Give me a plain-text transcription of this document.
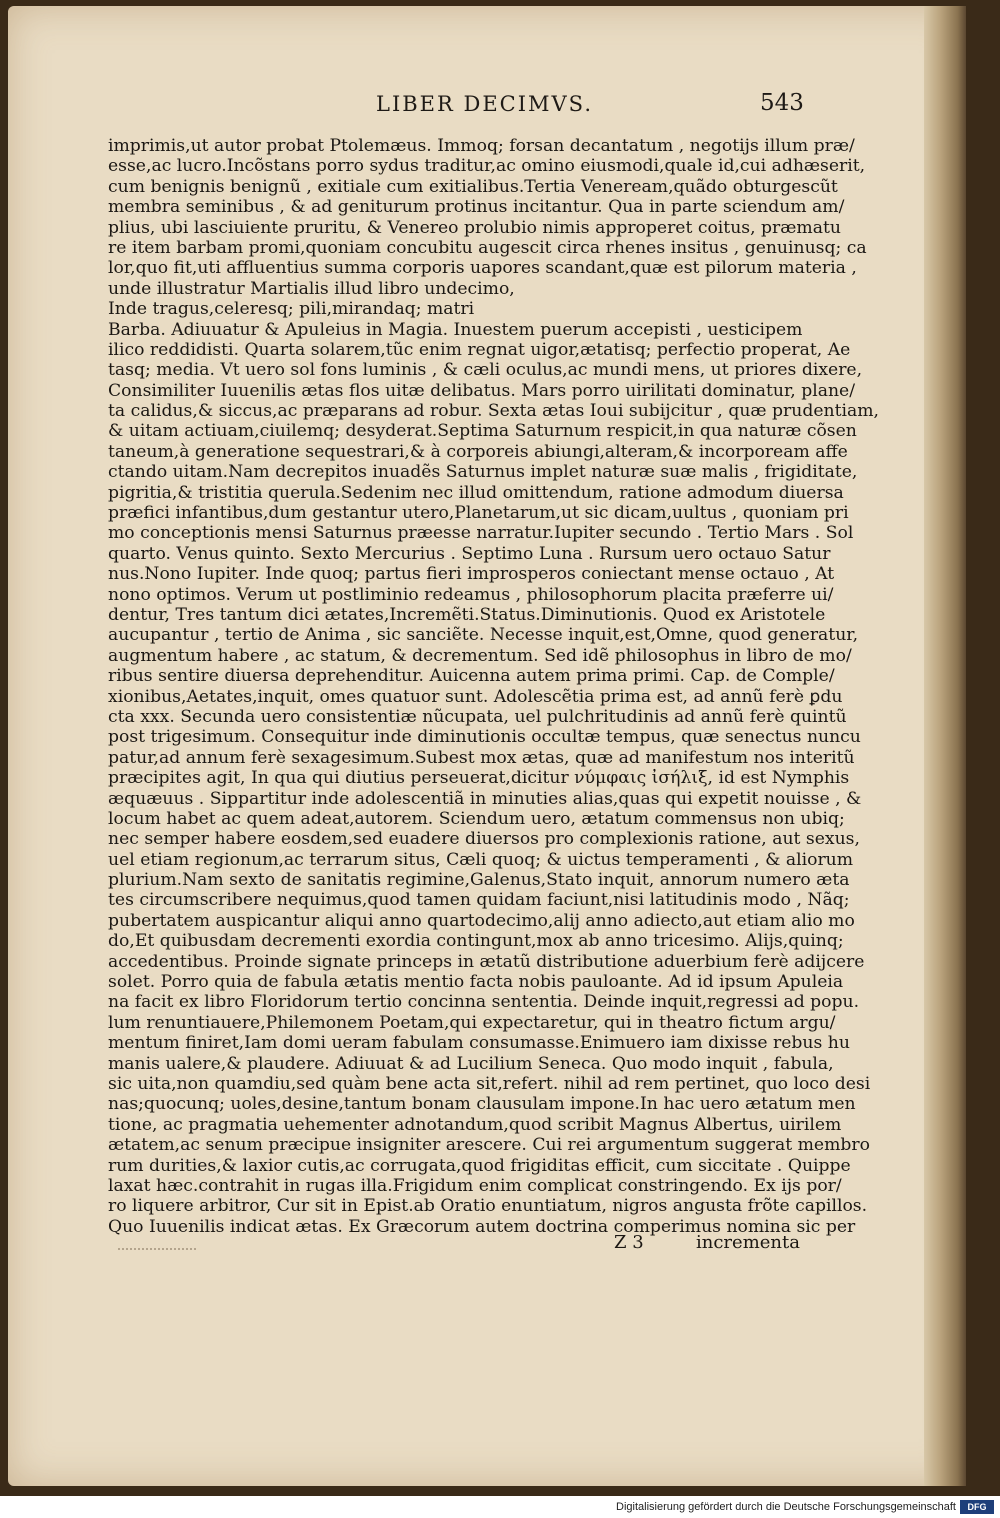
LIBER DECIMVS.	543
imprimis,ut autor probat Ptolemæus. Immoq; forsan decantatum , negotijs illum præ/
esse,ac lucro.Incõstans porro sydus traditur,ac omino eiusmodi,quale id,cui adhæserit,
cum benignis benignũ , exitiale cum exitialibus.Tertia Veneream,quãdo obturgescũt
membra seminibus , & ad geniturum protinus incitantur. Qua in parte sciendum am/
plius, ubi lasciuiente pruritu, & Venereo prolubio nimis approperet coitus, præmatu
re item barbam promi,quoniam concubitu augescit circa rhenes insitus , genuinusq; ca
lor,quo fit,uti affluentius summa corporis uapores scandant,quæ est pilorum materia ,
unde illustratur Martialis illud libro undecimo,
Inde tragus,celeresq; pili,mirandaq; matri
Barba. Adiuuatur & Apuleius in Magia. Inuestem puerum accepisti , uesticipem
ilico reddidisti. Quarta solarem,tũc enim regnat uigor,ætatisq; perfectio properat, Ae
tasq; media. Vt uero sol fons luminis , & cæli oculus,ac mundi mens, ut priores dixere,
Consimiliter Iuuenilis ætas flos uitæ delibatus. Mars porro uirilitati dominatur, plane/
ta calidus,& siccus,ac præparans ad robur. Sexta ætas Ioui subijcitur , quæ prudentiam,
& uitam actiuam,ciuilemq; desyderat.Septima Saturnum respicit,in qua naturæ cõsen
taneum,à generatione sequestrari,& à corporeis abiungi,alteram,& incorpoream affe
ctando uitam.Nam decrepitos inuadẽs Saturnus implet naturæ suæ malis , frigiditate,
pigritia,& tristitia querula.Sedenim nec illud omittendum, ratione admodum diuersa
præfici infantibus,dum gestantur utero,Planetarum,ut sic dicam,uultus , quoniam pri
mo conceptionis mensi Saturnus præesse narratur.Iupiter secundo . Tertio Mars . Sol
quarto. Venus quinto. Sexto Mercurius . Septimo Luna . Rursum uero octauo Satur
nus.Nono Iupiter. Inde quoq; partus fieri improsperos coniectant mense octauo , At
nono optimos. Verum ut postliminio redeamus , philosophorum placita præferre ui/
dentur, Tres tantum dici ætates,Incremẽti.Status.Diminutionis. Quod ex Aristotele
aucupantur , tertio de Anima , sic sanciẽte. Necesse inquit,est,Omne, quod generatur,
augmentum habere , ac statum, & decrementum. Sed idẽ philosophus in libro de mo/
ribus sentire diuersa deprehenditur. Auicenna autem prima primi. Cap. de Comple/
xionibus,Aetates,inquit, omes quatuor sunt. Adolescẽtia prima est, ad annũ ferè ꝑdu
cta xxx. Secunda uero consistentiæ nũcupata, uel pulchritudinis ad annũ ferè quintũ
post trigesimum. Consequitur inde diminutionis occultæ tempus, quæ senectus nuncu
patur,ad annum ferè sexagesimum.Subest mox ætas, quæ ad manifestum nos interitũ
præcipites agit, In qua qui diutius perseuerat,dicitur νύμφαις ἰσήλιξ, id est Nymphis
æquæuus . Sippartitur inde adolescentiã in minuties alias,quas qui expetit nouisse , &
locum habet ac quem adeat,autorem. Sciendum uero, ætatum commensus non ubiq;
nec semper habere eosdem,sed euadere diuersos pro complexionis ratione, aut sexus,
uel etiam regionum,ac terrarum situs, Cæli quoq; & uictus temperamenti , & aliorum
plurium.Nam sexto de sanitatis regimine,Galenus,Stato inquit, annorum numero æta
tes circumscribere nequimus,quod tamen quidam faciunt,nisi latitudinis modo , Nãq;
pubertatem auspicantur aliqui anno quartodecimo,alij anno adiecto,aut etiam alio mo
do,Et quibusdam decrementi exordia contingunt,mox ab anno tricesimo. Alijs,quinq;
accedentibus. Proinde signate princeps in ætatũ distributione aduerbium ferè adijcere
solet. Porro quia de fabula ætatis mentio facta nobis pauloante. Ad id ipsum Apuleia
na facit ex libro Floridorum tertio concinna sententia. Deinde inquit,regressi ad popu.
lum renuntiauere,Philemonem Poetam,qui expectaretur, qui in theatro fictum argu/
mentum finiret,Iam domi ueram fabulam consumasse.Enimuero iam dixisse rebus hu
manis ualere,& plaudere. Adiuuat & ad Lucilium Seneca. Quo modo inquit , fabula,
sic uita,non quamdiu,sed quàm bene acta sit,refert. nihil ad rem pertinet, quo loco desi
nas;quocunq; uoles,desine,tantum bonam clausulam impone.In hac uero ætatum men
tione, ac pragmatia uehementer adnotandum,quod scribit Magnus Albertus, uirilem
ætatem,ac senum præcipue insigniter arescere. Cui rei argumentum suggerat membro
rum durities,& laxior cutis,ac corrugata,quod frigiditas efficit, cum siccitate . Quippe
laxat hæc.contrahit in rugas illa.Frigidum enim complicat constringendo. Ex ijs por/
ro liquere arbitror, Cur sit in Epist.ab Oratio enuntiatum, nigros angusta frõte capillos.
Quo Iuuenilis indicat ætas. Ex Græcorum autem doctrina comperimus nomina sic per
Z 3	incrementa
Digitalisierung gefördert durch die Deutsche Forschungsgemeinschaft	DFG
